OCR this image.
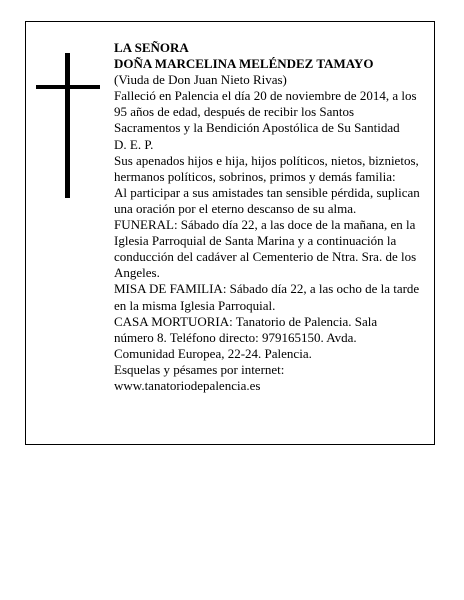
LA SEÑORA

DOÑA MARCELINA MELÉNDEZ TAMAYO

(Viuda de Don Juan Nieto Rivas)

Falleció en Palencia el día 20 de noviembre de 2014, a los 95 años de edad, después de recibir los Santos Sacramentos y la Bendición Apostólica de Su Santidad

D. E. P.

Sus apenados hijos e hija, hijos políticos, nietos, biznietos, hermanos políticos, sobrinos, primos y demás familia:

Al participar a sus amistades tan sensible pérdida, suplican una oración por el eterno descanso de su alma.

FUNERAL: Sábado día 22, a las doce de la mañana, en la Iglesia Parroquial de Santa Marina y a continuación la conducción del cadáver al Cementerio de Ntra. Sra. de los Angeles.

MISA DE FAMILIA: Sábado día 22, a las ocho de la tarde en la misma Iglesia Parroquial.

CASA MORTUORIA: Tanatorio de Palencia. Sala número 8. Teléfono directo: 979165150. Avda. Comunidad Europea, 22-24. Palencia.

Esquelas y pésames por internet:

www.tanatoriodepalencia.es
